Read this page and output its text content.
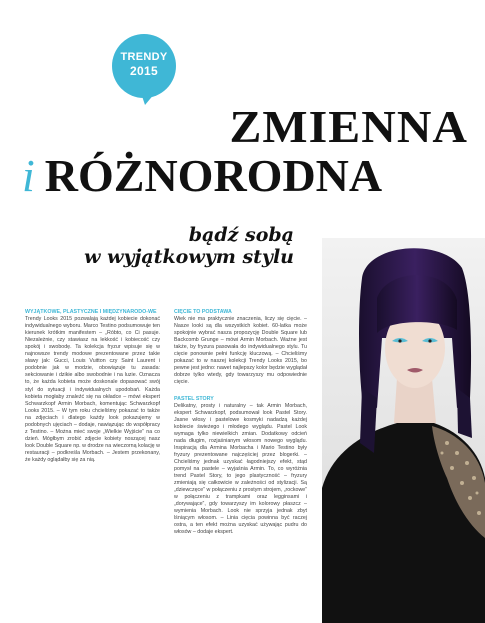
TRENDY
2015
ZMIENNA
i RÓŻNORODNA
bądź sobą
w wyjątkowym stylu
WYJĄTKOWE, PLASTYCZNE I MIĘDZYNARODO-WE
Trendy Looks 2015 pozwalają każdej kobiecie dokonać indywidualnego wyboru. Marco Testino podsumowuje ten kierunek krótkim manifestem – „Róbto, co Ci pasuje. Niezależnie, czy stawiasz na lekkość i kobiecość czy spokój i swobodę. Ta kolekcja fryzur wpisuje się w najnowsze trendy modowe prezentowane przez takie sławy jak: Gucci, Louis Vuitton czy Saint Laurent i podobnie jak w modzie, obowiązuje tu zasada: sekciowanie i dzikie albo swobodnie i na luzie. Oznacza to, że każda kobieta może doskonale dopasować swój styl do sytuacji i indywidualnych upodobań. Każda kobieta mogłaby znaleźć się na okładce – mówi ekspert Schwarzkopf Armin Morbach, komentując Schwarzkopf Looks 2015. – W tym roku chcieliśmy pokazać to także na zdjęciach i dlatego każdy look pokazujemy w podobnych ujęciach – dodaje, nawiązując do współpracy z Testino. – Można mieć swoje „Wielkie Wyjście” na co dzień. Mógłbym zrobić zdjęcie kobiety noszącej nasz look Double Square np. w drodze na wieczorną kolację w restauracji – podkreśla Morbach. – Jestem przekonany, że każdy oglądałby się za nią.
CIĘCIE TO PODSTAWA
Wiek nie ma praktycznie znaczenia, liczy się cięcie. – Nasze looki są dla wszystkich kobiet. 60-latka może spokojnie wybrać nasza propozycję Double Square lub Backcomb Grunge – mówi Armin Morbach. Ważne jest także, by fryzura pasowała do indywidualnego stylu. Tu cięcie ponownie pełni funkcję kluczową. – Chcieliśmy pokazać to w naszej kolekcji Trendy Looks 2015, bo pewne jest jedno: nawet najlepszy kolor będzie wyglądał dobrze tylko wtedy, gdy towarzyszy mu odpowiednie cięcie.
PASTEL STORY
Delikatny, prosty i naturalny – tak Armin Morbach, ekspert Schwarzkopf, podsumował look Pastel Story. Jasne włosy i pastelowe kosmyki nadadzą każdej kobiecie świeżego i młodego wyglądu. Pastel Look wymaga tylko niewielkich zmian. Dodatkowy odcień nada długim, rozjaśnianym włosom nowego wyglądu. Inspiracją dla Armina Morbacha i Mario Testino były fryzury prezentowane najczęściej przez blogerki. – Chcieliśmy jednak uzyskać łagodniejszy efekt, stąd pomysł na pastele – wyjaśnia Armin. To, co wyróżnia trend Pastel Story, to jego plastyczność – fryzury zmieniają się całkowicie w zależności od stylizacji. Są „dziewczęce” w połączeniu z prostym strojem, „rockowe” w połączeniu z trampkami oraz legginsami i „dorywające”, gdy towarzyszy im kolorowy płaszcz – wymienia Morbach. Look nie sprzyja jednak zbyt lśniącym włosom. – Linia cięcia powinna być raczej ostra, a ten efekt można uzyskać używając pudru do włosów – dodaje ekspert.
